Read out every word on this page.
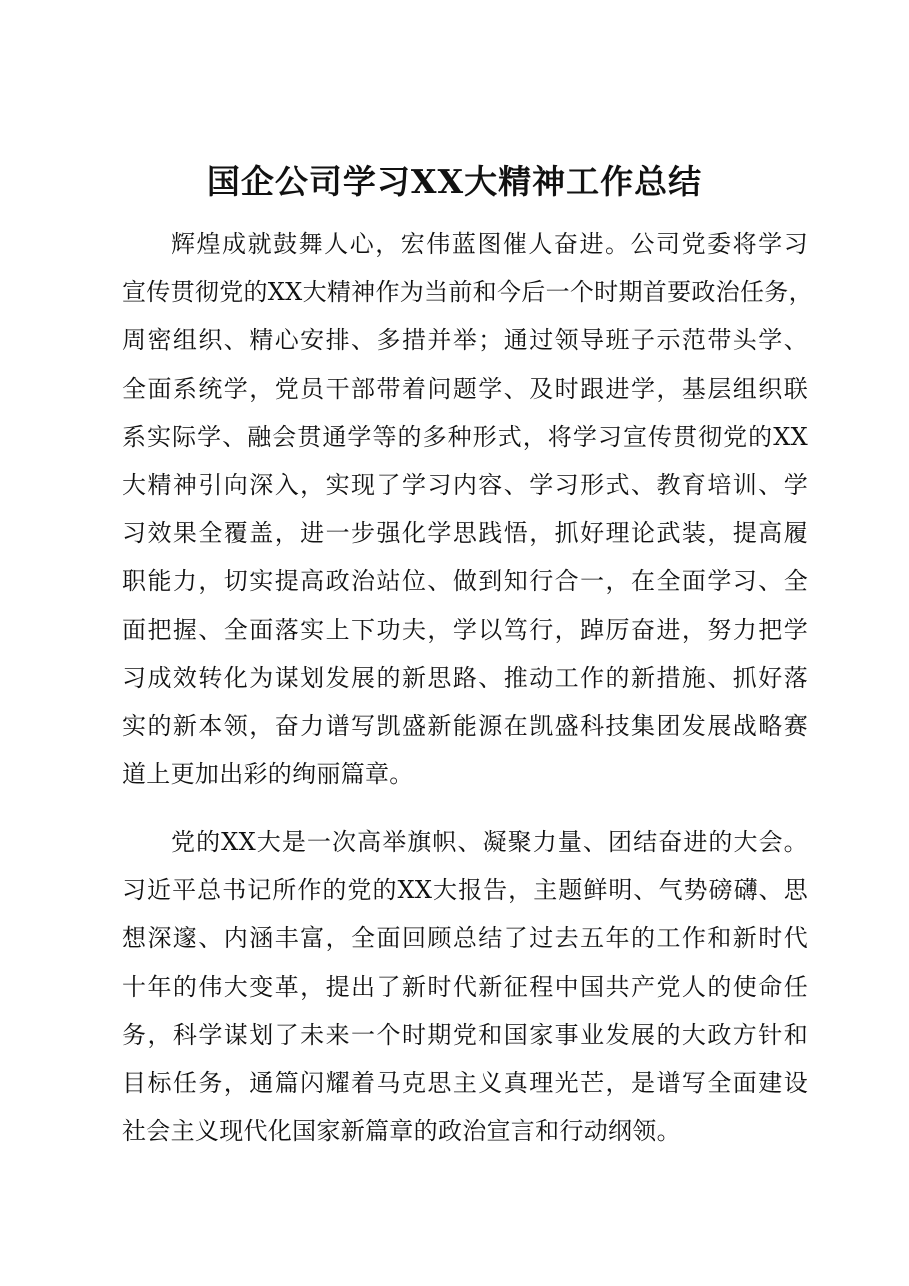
国企公司学习XX大精神工作总结
辉煌成就鼓舞人心，宏伟蓝图催人奋进。公司党委将学习
宣传贯彻党的XX大精神作为当前和今后一个时期首要政治任务，
周密组织、精心安排、多措并举；通过领导班子示范带头学、
全面系统学，党员干部带着问题学、及时跟进学，基层组织联
系实际学、融会贯通学等的多种形式，将学习宣传贯彻党的XX
大精神引向深入，实现了学习内容、学习形式、教育培训、学
习效果全覆盖，进一步强化学思践悟，抓好理论武装，提高履
职能力，切实提高政治站位、做到知行合一，在全面学习、全
面把握、全面落实上下功夫，学以笃行，踔厉奋进，努力把学
习成效转化为谋划发展的新思路、推动工作的新措施、抓好落
实的新本领，奋力谱写凯盛新能源在凯盛科技集团发展战略赛
道上更加出彩的绚丽篇章。
党的XX大是一次高举旗帜、凝聚力量、团结奋进的大会。
习近平总书记所作的党的XX大报告，主题鲜明、气势磅礴、思
想深邃、内涵丰富，全面回顾总结了过去五年的工作和新时代
十年的伟大变革，提出了新时代新征程中国共产党人的使命任
务，科学谋划了未来一个时期党和国家事业发展的大政方针和
目标任务，通篇闪耀着马克思主义真理光芒，是谱写全面建设
社会主义现代化国家新篇章的政治宣言和行动纲领。
